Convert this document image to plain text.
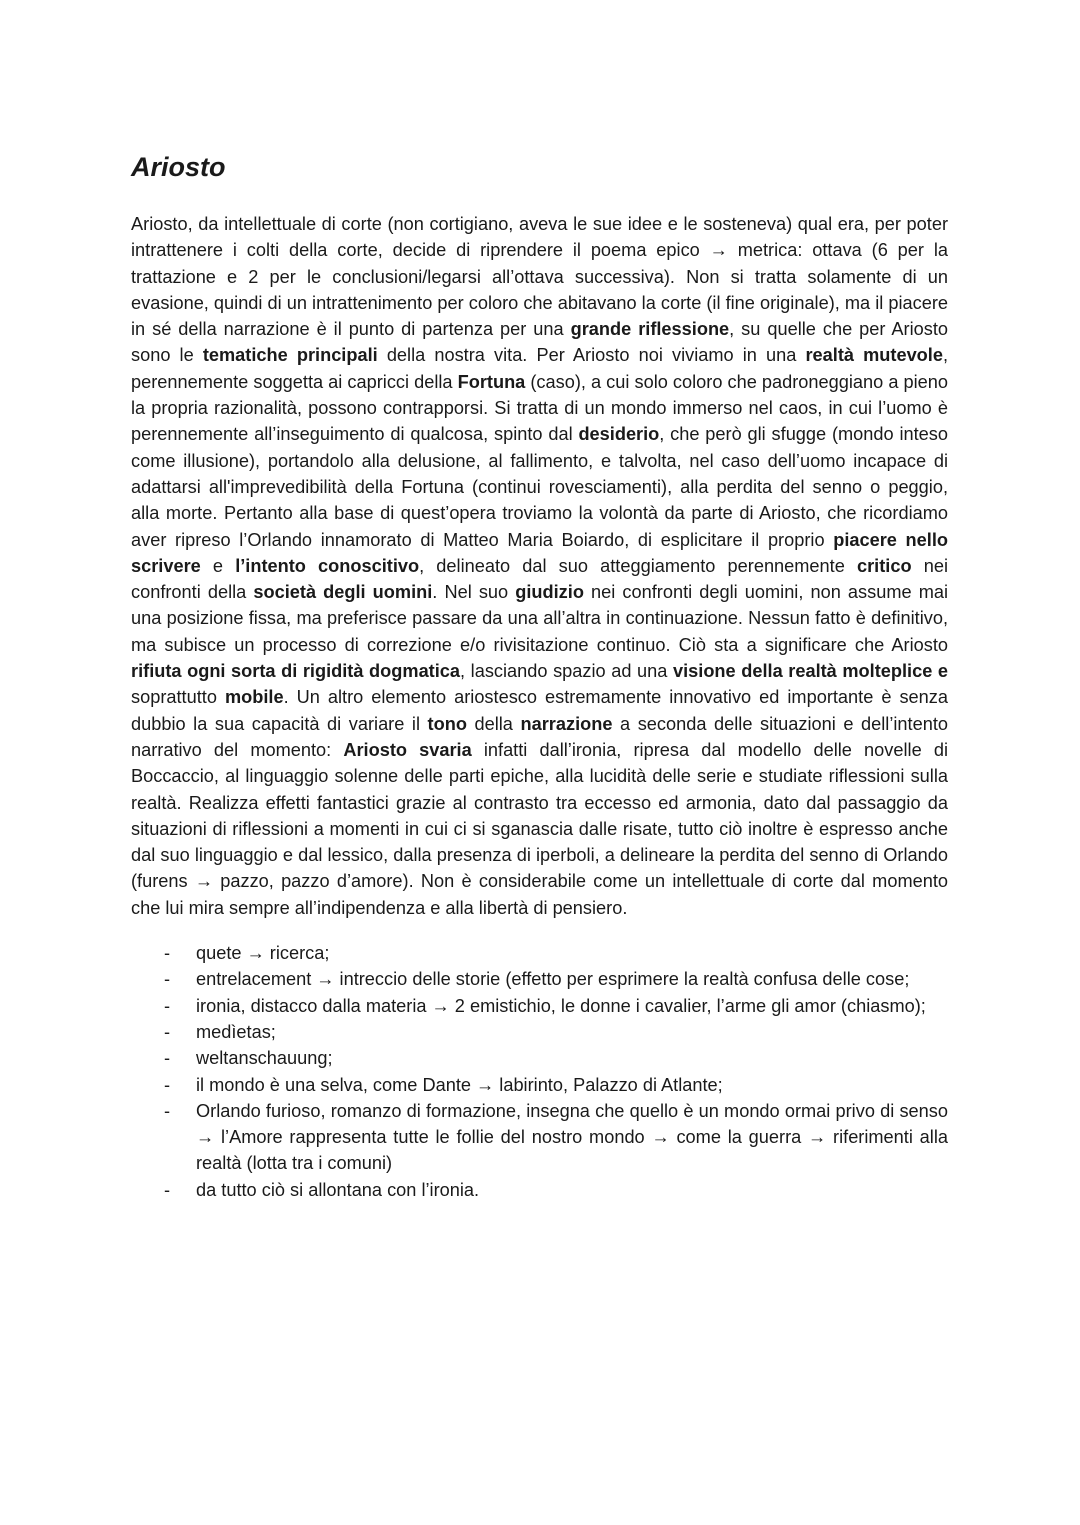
Ariosto

Ariosto, da intellettuale di corte (non cortigiano, aveva le sue idee e le sosteneva) qual era, per poter intrattenere i colti della corte, decide di riprendere il poema epico → metrica: ottava (6 per la trattazione e 2 per le conclusioni/legarsi all’ottava successiva). Non si tratta solamente di un evasione, quindi di un intrattenimento per coloro che abitavano la corte (il fine originale), ma il piacere in sé della narrazione è il punto di partenza per una grande riflessione, su quelle che per Ariosto sono le tematiche principali della nostra vita. Per Ariosto noi viviamo in una realtà mutevole, perennemente soggetta ai capricci della Fortuna (caso), a cui solo coloro che padroneggiano a pieno la propria razionalità, possono contrapporsi. Si tratta di un mondo immerso nel caos, in cui l’uomo è perennemente all’inseguimento di qualcosa, spinto dal desiderio, che però gli sfugge (mondo inteso come illusione), portandolo alla delusione, al fallimento, e talvolta, nel caso dell’uomo incapace di adattarsi all'imprevedibilità della Fortuna (continui rovesciamenti), alla perdita del senno o peggio, alla morte. Pertanto alla base di quest’opera troviamo la volontà da parte di Ariosto, che ricordiamo aver ripreso l’Orlando innamorato di Matteo Maria Boiardo, di esplicitare il proprio piacere nello scrivere e l’intento conoscitivo, delineato dal suo atteggiamento perennemente critico nei confronti della società degli uomini. Nel suo giudizio nei confronti degli uomini, non assume mai una posizione fissa, ma preferisce passare da una all’altra in continuazione. Nessun fatto è definitivo, ma subisce un processo di correzione e/o rivisitazione continuo. Ciò sta a significare che Ariosto rifiuta ogni sorta di rigidità dogmatica, lasciando spazio ad una visione della realtà molteplice e soprattutto mobile. Un altro elemento ariostesco estremamente innovativo ed importante è senza dubbio la sua capacità di variare il tono della narrazione a seconda delle situazioni e dell’intento narrativo del momento: Ariosto svaria infatti dall’ironia, ripresa dal modello delle novelle di Boccaccio, al linguaggio solenne delle parti epiche, alla lucidità delle serie e studiate riflessioni sulla realtà. Realizza effetti fantastici grazie al contrasto tra eccesso ed armonia, dato dal passaggio da situazioni di riflessioni a momenti in cui ci si sganascia dalle risate, tutto ciò inoltre è espresso anche dal suo linguaggio e dal lessico, dalla presenza di iperboli, a delineare la perdita del senno di Orlando (furens → pazzo, pazzo d’amore). Non è considerabile come un intellettuale di corte dal momento che lui mira sempre all’indipendenza e alla libertà di pensiero.

- quete → ricerca;
- entrelacement → intreccio delle storie (effetto per esprimere la realtà confusa delle cose;
- ironia, distacco dalla materia → 2 emistichio, le donne i cavalier, l’arme gli amor (chiasmo);
- medìetas;
- weltanschauung;
- il mondo è una selva, come Dante → labirinto, Palazzo di Atlante;
- Orlando furioso, romanzo di formazione, insegna che quello è un mondo ormai privo di senso → l’Amore rappresenta tutte le follie del nostro mondo → come la guerra → riferimenti alla realtà (lotta tra i comuni)
- da tutto ciò si allontana con l’ironia.
